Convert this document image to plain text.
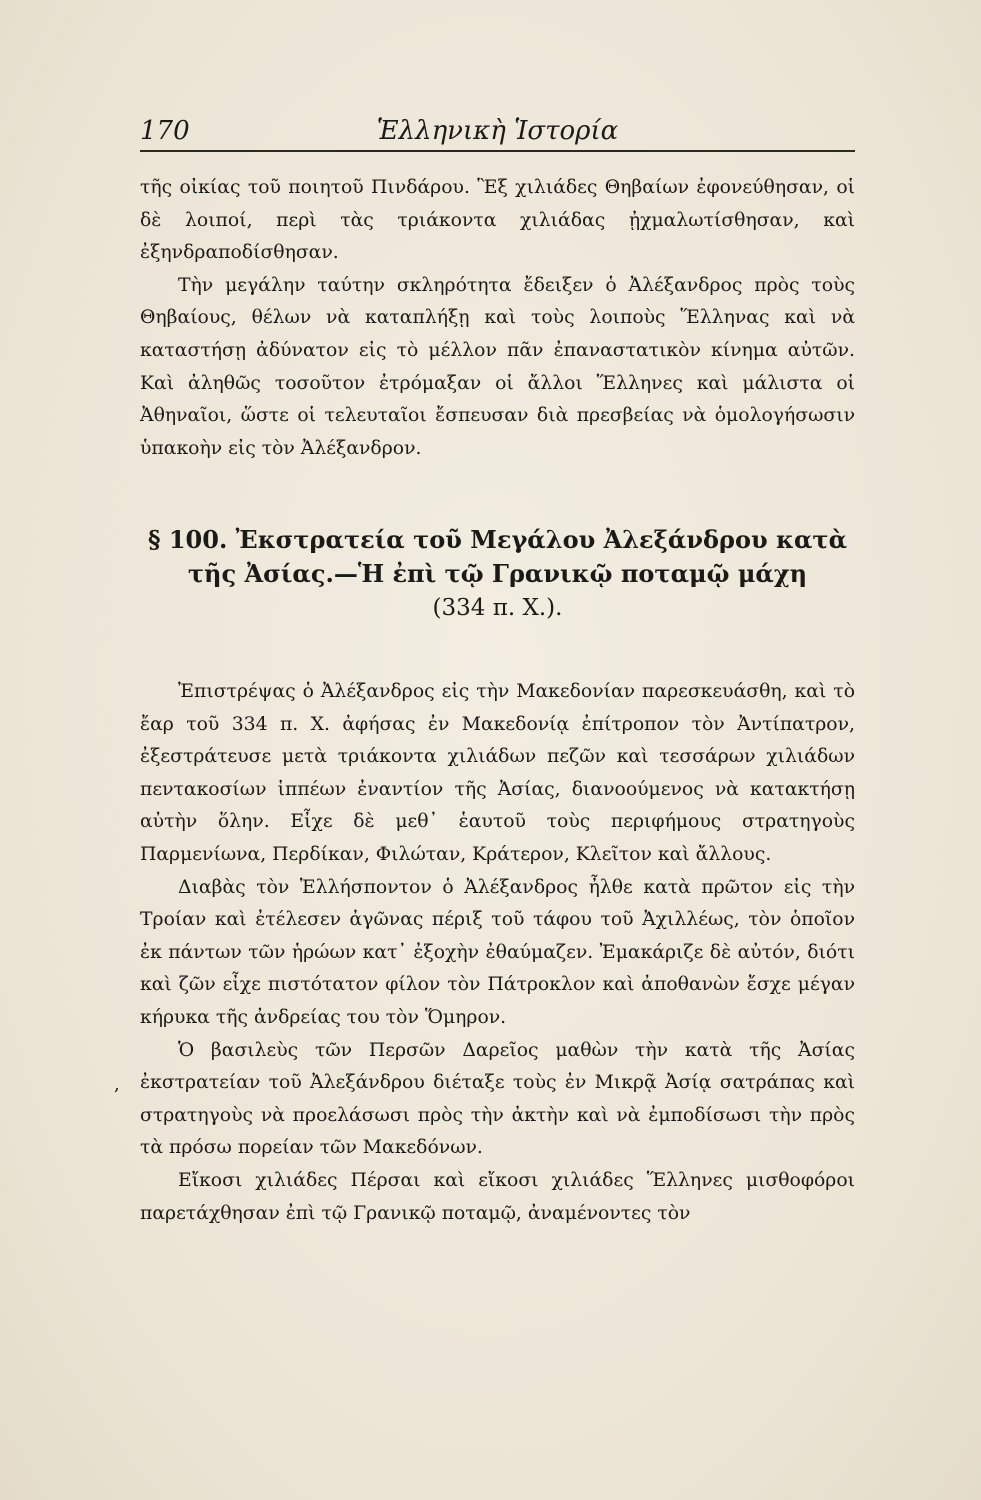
170	Ἑλληνικὴ Ἱστορία

τῆς οἰκίας τοῦ ποιητοῦ Πινδάρου. Ἓξ χιλιάδες Θηβαίων ἐφονεύθησαν, οἱ δὲ λοιποί, περὶ τὰς τριάκοντα χιλιάδας ᾐχμαλωτίσθησαν, καὶ ἐξηνδραποδίσθησαν.

Τὴν μεγάλην ταύτην σκληρότητα ἔδειξεν ὁ Ἀλέξανδρος πρὸς τοὺς Θηβαίους, θέλων νὰ καταπλήξῃ καὶ τοὺς λοιποὺς Ἕλληνας καὶ νὰ καταστήσῃ ἀδύνατον εἰς τὸ μέλλον πᾶν ἐπαναστατικὸν κίνημα αὐτῶν. Καὶ ἀληθῶς τοσοῦτον ἐτρόμαξαν οἱ ἄλλοι Ἕλληνες καὶ μάλιστα οἱ Ἀθηναῖοι, ὥστε οἱ τελευταῖοι ἔσπευσαν διὰ πρεσβείας νὰ ὁμολογήσωσιν ὑπακοὴν εἰς τὸν Ἀλέξανδρον.

§ 100. Ἐκστρατεία τοῦ Μεγάλου Ἀλεξάνδρου κατὰ
τῆς Ἀσίας.—Ἡ ἐπὶ τῷ Γρανικῷ ποταμῷ μάχη
(334 π. Χ.).

Ἐπιστρέψας ὁ Ἀλέξανδρος εἰς τὴν Μακεδονίαν παρεσκευάσθη, καὶ τὸ ἔαρ τοῦ 334 π. Χ. ἀφήσας ἐν Μακεδονίᾳ ἐπίτροπον τὸν Ἀντίπατρον, ἐξεστράτευσε μετὰ τριάκοντα χιλιάδων πεζῶν καὶ τεσσάρων χιλιάδων πεντακοσίων ἱππέων ἐναντίον τῆς Ἀσίας, διανοούμενος νὰ κατακτήσῃ αὐτὴν ὅλην. Εἶχε δὲ μεθ᾽ ἑαυτοῦ τοὺς περιφήμους στρατηγοὺς Παρμενίωνα, Περδίκαν, Φιλώταν, Κράτερον, Κλεῖτον καὶ ἄλλους.

Διαβὰς τὸν Ἑλλήσποντον ὁ Ἀλέξανδρος ἦλθε κατὰ πρῶτον εἰς τὴν Τροίαν καὶ ἐτέλεσεν ἀγῶνας πέριξ τοῦ τάφου τοῦ Ἀχιλλέως, τὸν ὁποῖον ἐκ πάντων τῶν ἡρώων κατ᾽ ἐξοχὴν ἐθαύμαζεν. Ἐμακάριζε δὲ αὐτόν, διότι καὶ ζῶν εἶχε πιστότατον φίλον τὸν Πάτροκλον καὶ ἀποθανὼν ἔσχε μέγαν κήρυκα τῆς ἀνδρείας του τὸν Ὅμηρον.

Ὁ βασιλεὺς τῶν Περσῶν Δαρεῖος μαθὼν τὴν κατὰ τῆς Ἀσίας ἐκστρατείαν τοῦ Ἀλεξάνδρου διέταξε τοὺς ἐν Μικρᾷ Ἀσίᾳ σατράπας καὶ στρατηγοὺς νὰ προελάσωσι πρὸς τὴν ἀκτὴν καὶ νὰ ἐμποδίσωσι τὴν πρὸς τὰ πρόσω πορείαν τῶν Μακεδόνων.

Εἴκοσι χιλιάδες Πέρσαι καὶ εἴκοσι χιλιάδες Ἕλληνες μισθοφόροι παρετάχθησαν ἐπὶ τῷ Γρανικῷ ποταμῷ, ἀναμένοντες τὸν

,
